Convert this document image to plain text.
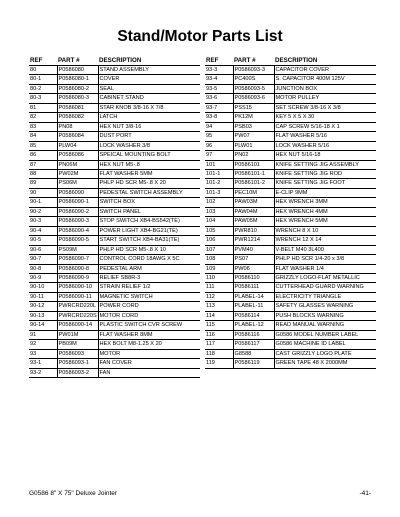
Stand/Motor Parts List
REF	PART #	DESCRIPTION
80	P0586080	STAND ASSEMBLY
80-1	P0586080-1	COVER
80-2	P0586080-2	SEAL
80-3	P0586080-3	CABINET STAND
81	P0586081	STAR KNOB 3/8-16 X 7/8
82	P0586082	LATCH
83	PN08	HEX NUT 3/8-16
84	P0586084	DUST PORT
85	PLW04	LOCK WASHER 3/8
86	P0586086	SPEICAL MOUNTING BOLT
87	PN06M	HEX NUT M5-.8
88	PW02M	FLAT WASHER 5MM
89	PS06M	PHLP HD SCR M5-.8 X 20
90	P0586090	PEDESTAL SWITCH ASSEMBLY
90-1	P0586090-1	SWITCH BOX
90-2	P0586090-2	SWITCH PANEL
90-3	P0586090-3	STOP SWITCH XB4-BS542(TE)
90-4	P0586090-4	POWER LIGHT XB4-BG21(TE)
90-5	P0586090-5	START SWITCH XB4-BA31(TE)
90-6	PS09M	PHLP HD SCR M5-.8 X 10
90-7	P0586090-7	CONTROL CORD 18AWG X 5C
90-8	P0586090-8	PEDESTAL ARM
90-9	P0586090-9	RELIEF SB8R-3
90-10	P0586090-10	STRAIN RELIEF 1/2
90-11	P0586090-11	MAGNETIC SWITCH
90-12	PWRCRD220L	POWER CORD
90-13	PWRCRD220S	MOTOR CORD
90-14	P0586090-14	PLASTIC SWITCH CVR SCREW
91	PW01M	FLAT WASHER 8MM
92	PB09M	HEX BOLT M8-1.25 X 20
93	P0586093	MOTOR
93-1	P0586093-1	FAN COVER
93-2	P0586093-2	FAN
REF	PART #	DESCRIPTION
93-3	P0586093-3	CAPACITOR COVER
93-4	PC400S	S. CAPACITOR 400M 125V
93-5	P0586093-5	JUNCTION BOX
93-6	P0586093-6	MOTOR PULLEY
93-7	PSS15	SET SCREW 3/8-16 X 3/8
93-8	PK12M	KEY 5 X 5 X 30
94	PSB03	CAP SCREW 5/16-18 X 1
95	PW07	FLAT WASHER 5/16
96	PLW01	LOCK WASHER 5/16
97	PN02	HEX NUT 5/16-18
101	P0586101	KNIFE SETTING JIG ASSEMBLY
101-1	P0586101-1	KNIFE SETTING JIG ROD
101-2	P0586101-2	KNIFE SETTING JIG FOOT
101-3	PEC10M	E-CLIP 9MM
102	PAW03M	HEX WRENCH 3MM
103	PAW04M	HEX WRENCH 4MM
104	PAW05M	HEX WRENCH 5MM
105	PWR810	WRENCH 8 X 10
106	PWR1214	WRENCH 12 X 14
107	PVM40	V-BELT M40 3L400
108	PS07	PHLP HD SCR 1/4-20 x 3/8
109	PW06	FLAT WASHER 1/4
110	P0586110	GRIZZLY LOGO-FLAT METALLIC
111	P0586111	CUTTERHEAD GUARD WARNING
112	PLABEL-14	ELECTRICITY TRIANGLE
113	PLABEL-11	SAFETY GLASSES WARNING
114	P0586114	PUSH BLOCKS WARNING
115	PLABEL-12	READ MANUAL WARNING
116	P0586116	G0586 MODEL NUMBER LABEL
117	P0586117	G0586 MACHINE ID LABEL
118	G8588	CAST GRIZZLY LOGO PLATE
119	P0586119	GREEN TAPE 48 X 2000MM
G0586 8" X 75" Deluxe Jointer	-41-
